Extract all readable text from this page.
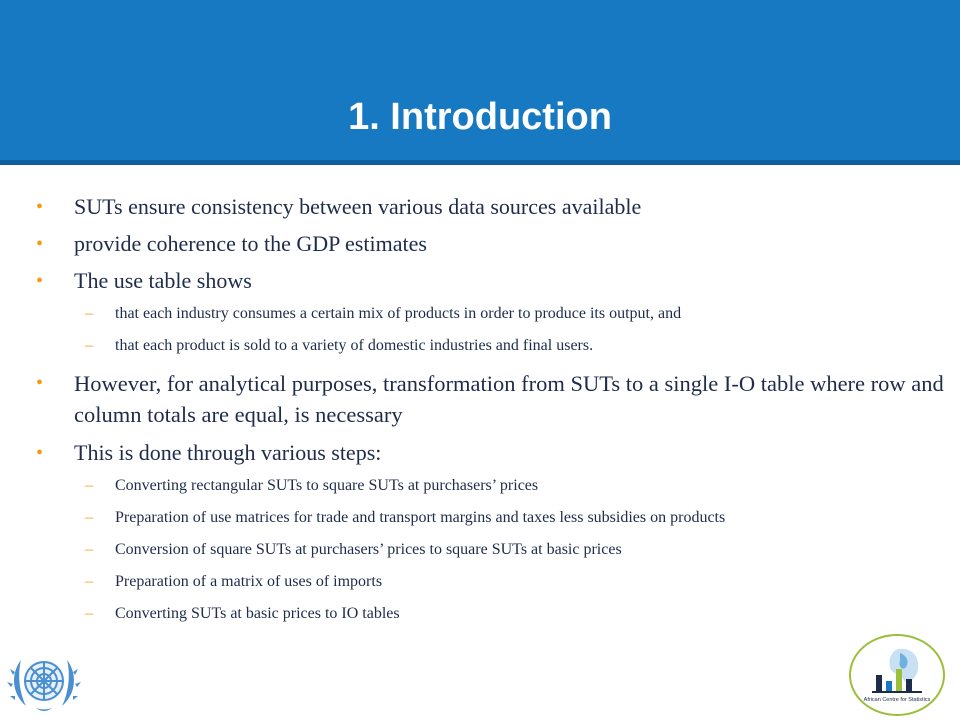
1. Introduction
• SUTs ensure consistency between various data sources available
• provide coherence to the GDP estimates
• The use table shows
– that each industry consumes a certain mix of products in order to produce its output, and
– that each product is sold to a variety of domestic industries and final users.
• However, for analytical purposes, transformation from SUTs to a single I-O table where row and column totals are equal, is necessary
• This is done through various steps:
– Converting rectangular SUTs to square SUTs at purchasers’ prices
– Preparation of use matrices for trade and transport margins and taxes less subsidies on products
– Conversion of square SUTs at purchasers’ prices to square SUTs at basic prices
– Preparation of a matrix of uses of imports
– Converting SUTs at basic prices to IO tables
African Centre for Statistics
